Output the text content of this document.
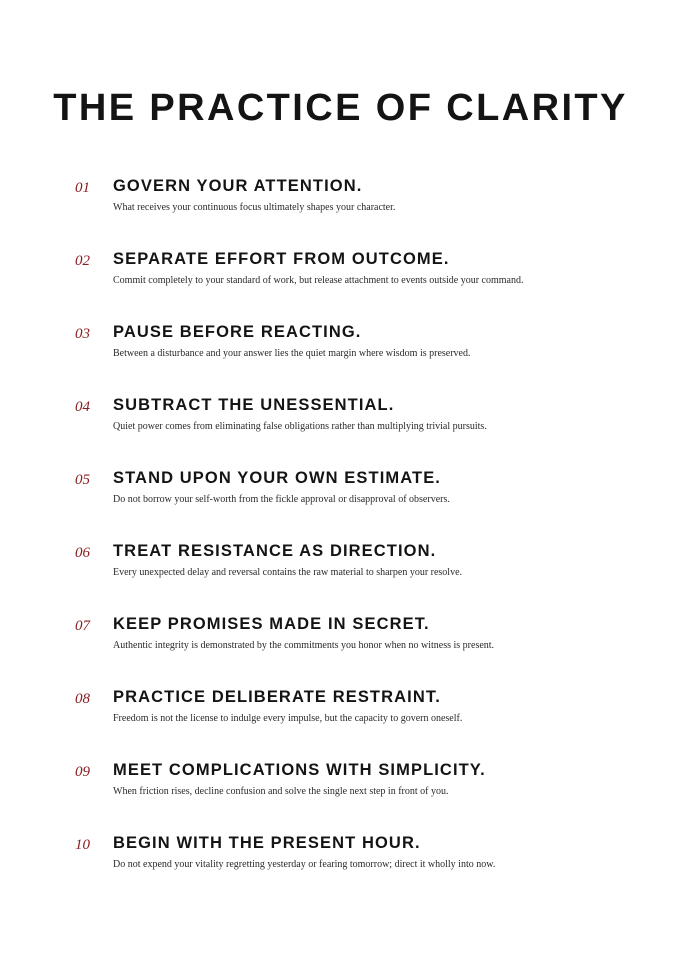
THE PRACTICE OF CLARITY
01 GOVERN YOUR ATTENTION.

What receives your continuous focus ultimately shapes your character.

02 SEPARATE EFFORT FROM OUTCOME.

Commit completely to your standard of work, but release attachment to events outside your command.

03 PAUSE BEFORE REACTING.

Between a disturbance and your answer lies the quiet margin where wisdom is preserved.

04 SUBTRACT THE UNESSENTIAL.

Quiet power comes from eliminating false obligations rather than multiplying trivial pursuits.

05 STAND UPON YOUR OWN ESTIMATE.

Do not borrow your self-worth from the fickle approval or disapproval of observers.

06 TREAT RESISTANCE AS DIRECTION.

Every unexpected delay and reversal contains the raw material to sharpen your resolve.

07 KEEP PROMISES MADE IN SECRET.

Authentic integrity is demonstrated by the commitments you honor when no witness is present.

08 PRACTICE DELIBERATE RESTRAINT.

Freedom is not the license to indulge every impulse, but the capacity to govern oneself.

09 MEET COMPLICATIONS WITH SIMPLICITY.

When friction rises, decline confusion and solve the single next step in front of you.

10 BEGIN WITH THE PRESENT HOUR.

Do not expend your vitality regretting yesterday or fearing tomorrow; direct it wholly into now.
